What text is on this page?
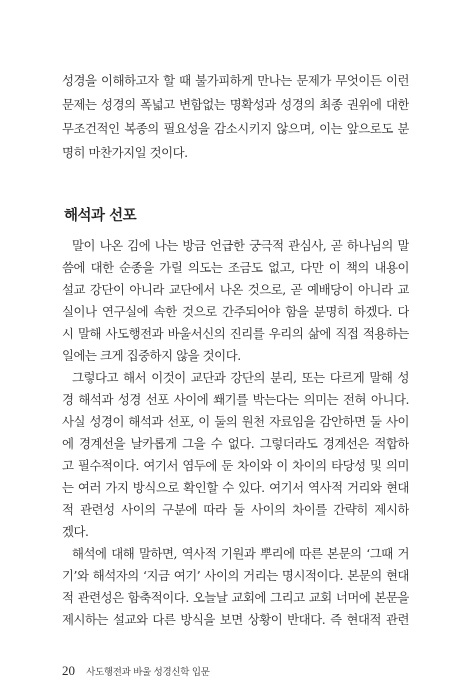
성경을 이해하고자 할 때 불가피하게 만나는 문제가 무엇이든 이런
문제는 성경의 폭넓고 변함없는 명확성과 성경의 최종 권위에 대한
무조건적인 복종의 필요성을 감소시키지 않으며, 이는 앞으로도 분
명히 마찬가지일 것이다.
해석과 선포
말이 나온 김에 나는 방금 언급한 궁극적 관심사, 곧 하나님의 말
씀에 대한 순종을 가릴 의도는 조금도 없고, 다만 이 책의 내용이
설교 강단이 아니라 교단에서 나온 것으로, 곧 예배당이 아니라 교
실이나 연구실에 속한 것으로 간주되어야 함을 분명히 하겠다. 다
시 말해 사도행전과 바울서신의 진리를 우리의 삶에 직접 적용하는
일에는 크게 집중하지 않을 것이다.
그렇다고 해서 이것이 교단과 강단의 분리, 또는 다르게 말해 성
경 해석과 성경 선포 사이에 쐐기를 박는다는 의미는 전혀 아니다.
사실 성경이 해석과 선포, 이 둘의 원천 자료임을 감안하면 둘 사이
에 경계선을 날카롭게 그을 수 없다. 그렇더라도 경계선은 적합하
고 필수적이다. 여기서 염두에 둔 차이와 이 차이의 타당성 및 의미
는 여러 가지 방식으로 확인할 수 있다. 여기서 역사적 거리와 현대
적 관련성 사이의 구분에 따라 둘 사이의 차이를 간략히 제시하
겠다.
해석에 대해 말하면, 역사적 기원과 뿌리에 따른 본문의 ‘그때 거
기’와 해석자의 ‘지금 여기’ 사이의 거리는 명시적이다. 본문의 현대
적 관련성은 함축적이다. 오늘날 교회에 그리고 교회 너머에 본문을
제시하는 설교와 다른 방식을 보면 상황이 반대다. 즉 현대적 관련
20 사도행전과 바울 성경신학 입문
